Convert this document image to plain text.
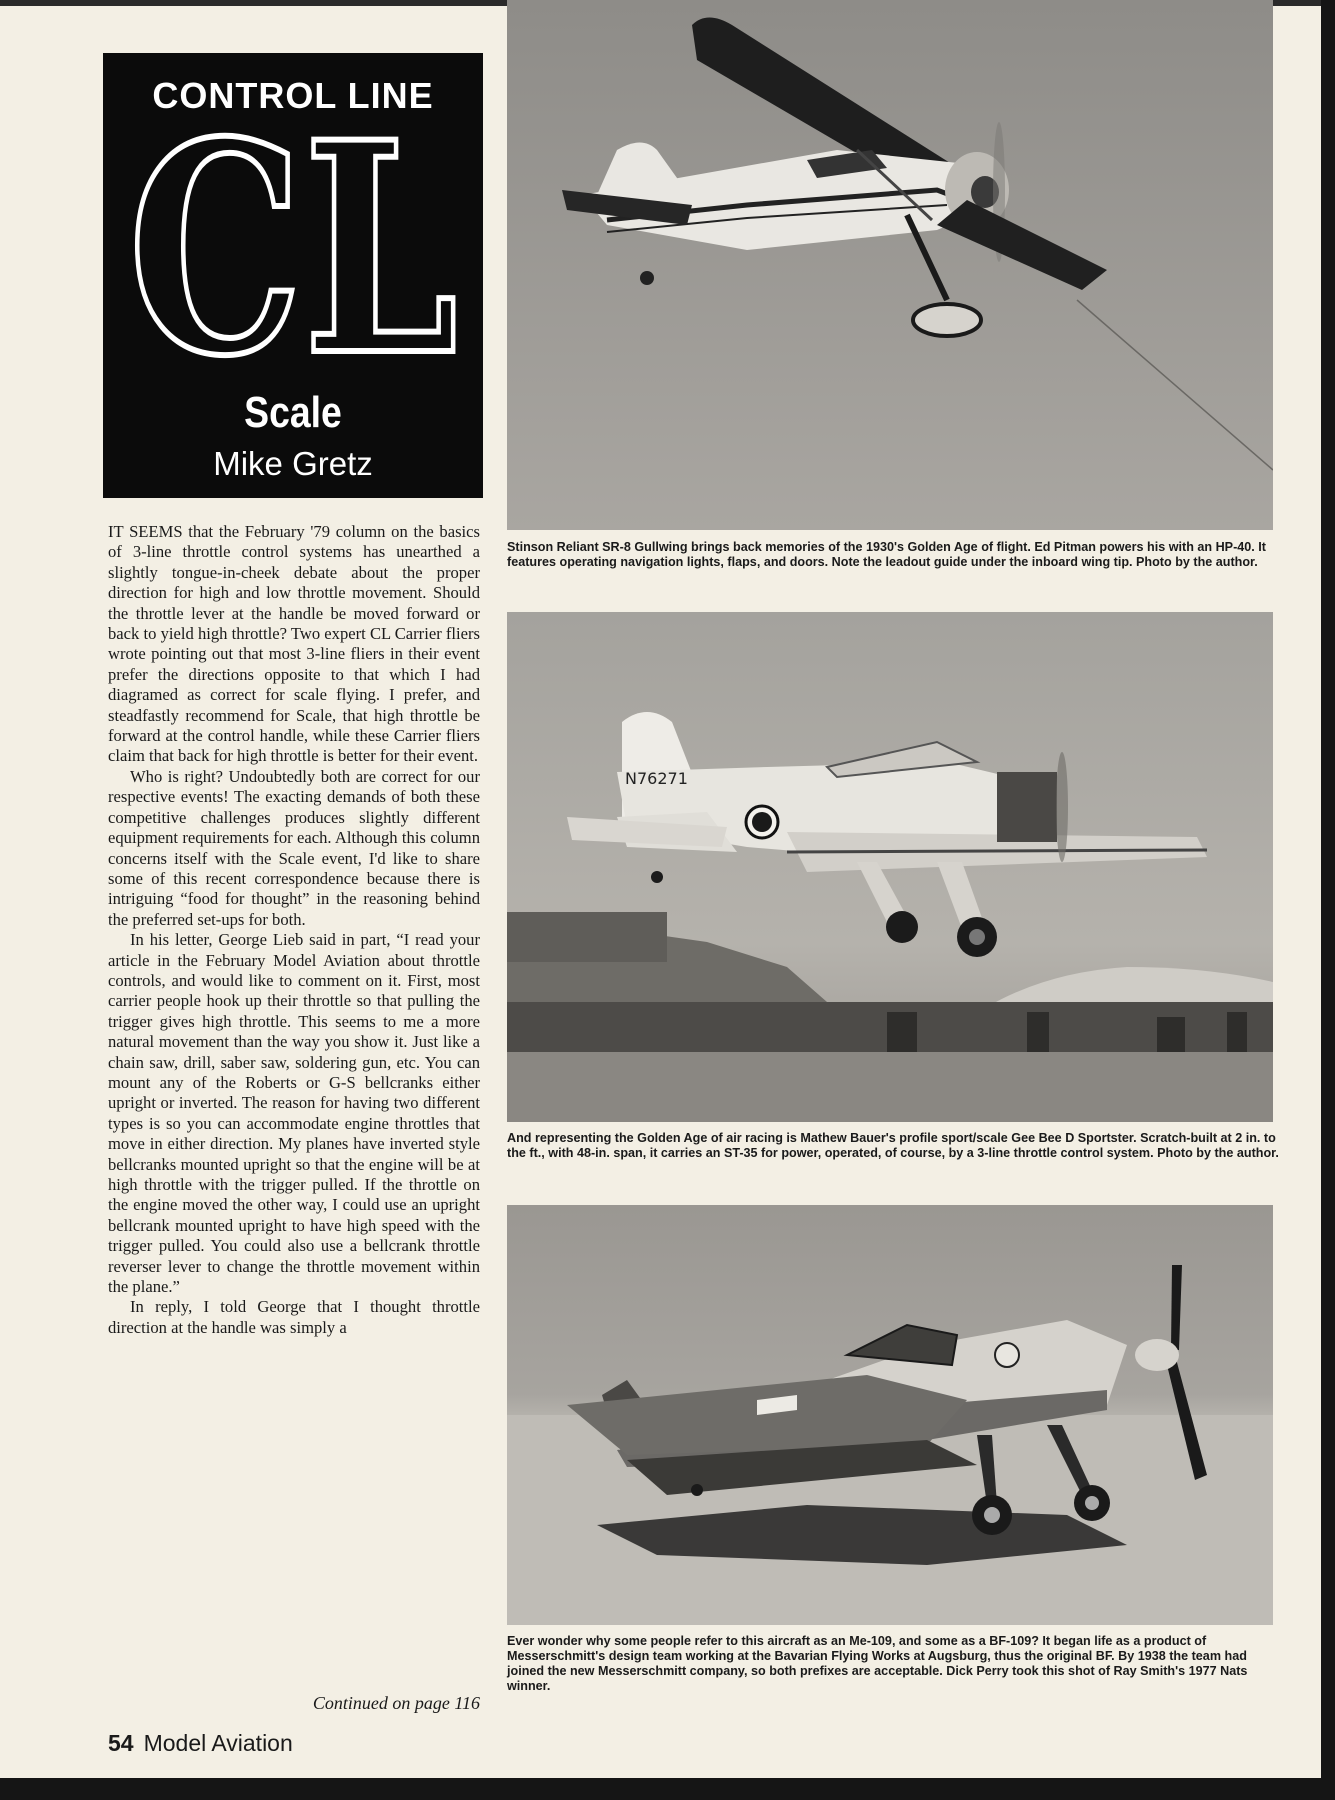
CONTROL LINE
CL
Scale
Mike Gretz

IT SEEMS that the February '79 column on the basics of 3-line throttle control systems has unearthed a slightly tongue-in-cheek debate about the proper direction for high and low throttle movement. Should the throttle lever at the handle be moved forward or back to yield high throttle? Two expert CL Carrier fliers wrote pointing out that most 3-line fliers in their event prefer the directions opposite to that which I had diagramed as correct for scale flying. I prefer, and steadfastly recommend for Scale, that high throttle be forward at the control handle, while these Carrier fliers claim that back for high throttle is better for their event.

Who is right? Undoubtedly both are correct for our respective events! The exacting demands of both these competitive challenges produces slightly different equipment requirements for each. Although this column concerns itself with the Scale event, I'd like to share some of this recent correspondence because there is intriguing “food for thought” in the reasoning behind the preferred set-ups for both.

In his letter, George Lieb said in part, “I read your article in the February Model Aviation about throttle controls, and would like to comment on it. First, most carrier people hook up their throttle so that pulling the trigger gives high throttle. This seems to me a more natural movement than the way you show it. Just like a chain saw, drill, saber saw, soldering gun, etc. You can mount any of the Roberts or G-S bellcranks either upright or inverted. The reason for having two different types is so you can accommodate engine throttles that move in either direction. My planes have inverted style bellcranks mounted upright so that the engine will be at high throttle with the trigger pulled. If the throttle on the engine moved the other way, I could use an upright bellcrank mounted upright to have high speed with the trigger pulled. You could also use a bellcrank throttle reverser lever to change the throttle movement within the plane.”

In reply, I told George that I thought throttle direction at the handle was simply a

Continued on page 116
54 Model Aviation
Stinson Reliant SR-8 Gullwing brings back memories of the 1930's Golden Age of flight. Ed Pitman powers his with an HP-40. It features operating navigation lights, flaps, and doors. Note the leadout guide under the inboard wing tip. Photo by the author.
N76271
And representing the Golden Age of air racing is Mathew Bauer's profile sport/scale Gee Bee D Sportster. Scratch-built at 2 in. to the ft., with 48-in. span, it carries an ST-35 for power, operated, of course, by a 3-line throttle control system. Photo by the author.
Ever wonder why some people refer to this aircraft as an Me-109, and some as a BF-109? It began life as a product of Messerschmitt's design team working at the Bavarian Flying Works at Augsburg, thus the original BF. By 1938 the team had joined the new Messerschmitt company, so both prefixes are acceptable. Dick Perry took this shot of Ray Smith's 1977 Nats winner.
